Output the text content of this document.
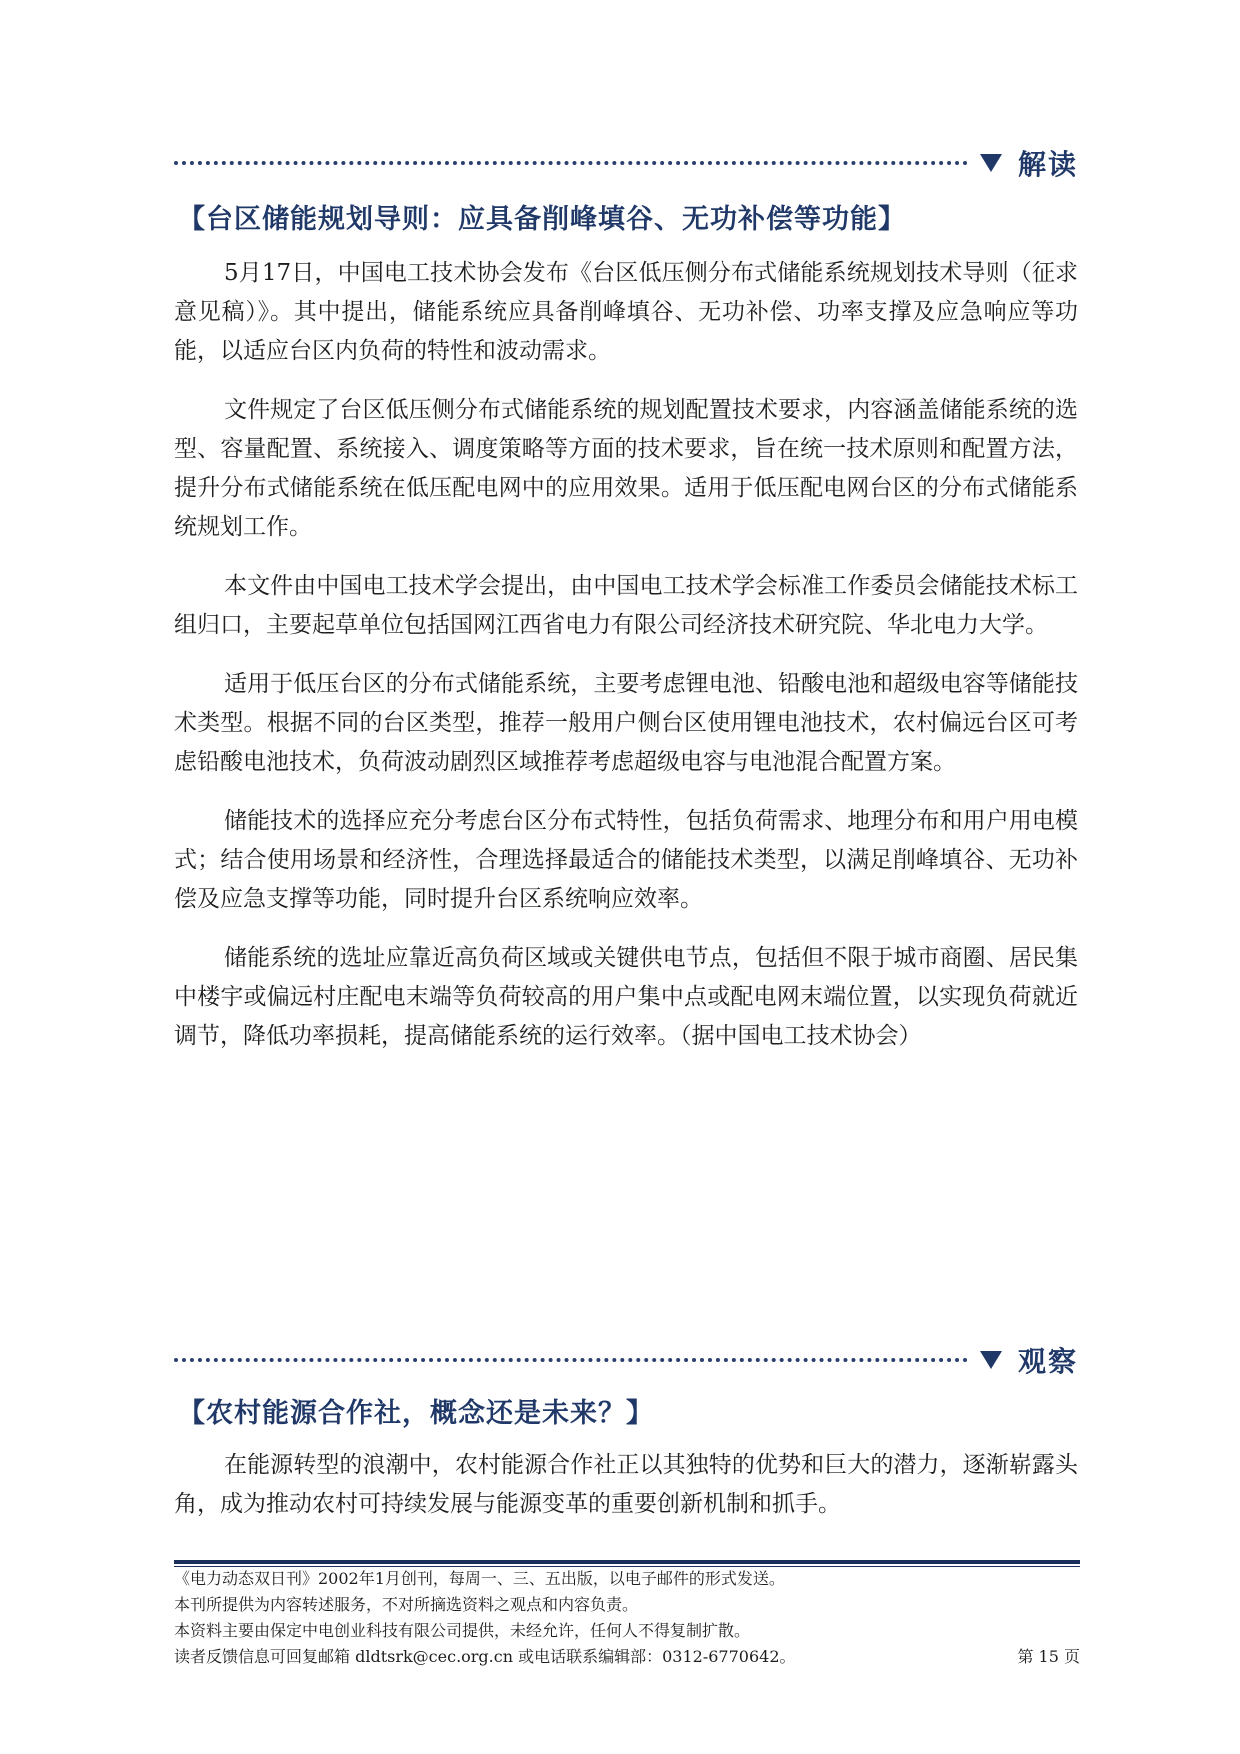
解读
【台区储能规划导则：应具备削峰填谷、无功补偿等功能】

5月17日，中国电工技术协会发布《台区低压侧分布式储能系统规划技术导则（征求意见稿）》。其中提出，储能系统应具备削峰填谷、无功补偿、功率支撑及应急响应等功能，以适应台区内负荷的特性和波动需求。

文件规定了台区低压侧分布式储能系统的规划配置技术要求，内容涵盖储能系统的选型、容量配置、系统接入、调度策略等方面的技术要求，旨在统一技术原则和配置方法，提升分布式储能系统在低压配电网中的应用效果。适用于低压配电网台区的分布式储能系统规划工作。

本文件由中国电工技术学会提出，由中国电工技术学会标准工作委员会储能技术标工组归口，主要起草单位包括国网江西省电力有限公司经济技术研究院、华北电力大学。

适用于低压台区的分布式储能系统，主要考虑锂电池、铅酸电池和超级电容等储能技术类型。根据不同的台区类型，推荐一般用户侧台区使用锂电池技术，农村偏远台区可考虑铅酸电池技术，负荷波动剧烈区域推荐考虑超级电容与电池混合配置方案。

储能技术的选择应充分考虑台区分布式特性，包括负荷需求、地理分布和用户用电模式；结合使用场景和经济性，合理选择最适合的储能技术类型，以满足削峰填谷、无功补偿及应急支撑等功能，同时提升台区系统响应效率。

储能系统的选址应靠近高负荷区域或关键供电节点，包括但不限于城市商圈、居民集中楼宇或偏远村庄配电末端等负荷较高的用户集中点或配电网末端位置，以实现负荷就近调节，降低功率损耗，提高储能系统的运行效率。（据中国电工技术协会）

观察
【农村能源合作社，概念还是未来？】

在能源转型的浪潮中，农村能源合作社正以其独特的优势和巨大的潜力，逐渐崭露头角，成为推动农村可持续发展与能源变革的重要创新机制和抓手。

《电力动态双日刊》2002年1月创刊，每周一、三、五出版，以电子邮件的形式发送。
本刊所提供为内容转述服务，不对所摘选资料之观点和内容负责。
本资料主要由保定中电创业科技有限公司提供，未经允许，任何人不得复制扩散。
读者反馈信息可回复邮箱 dldtsrk@cec.org.cn 或电话联系编辑部：0312-6770642。	第 15 页
